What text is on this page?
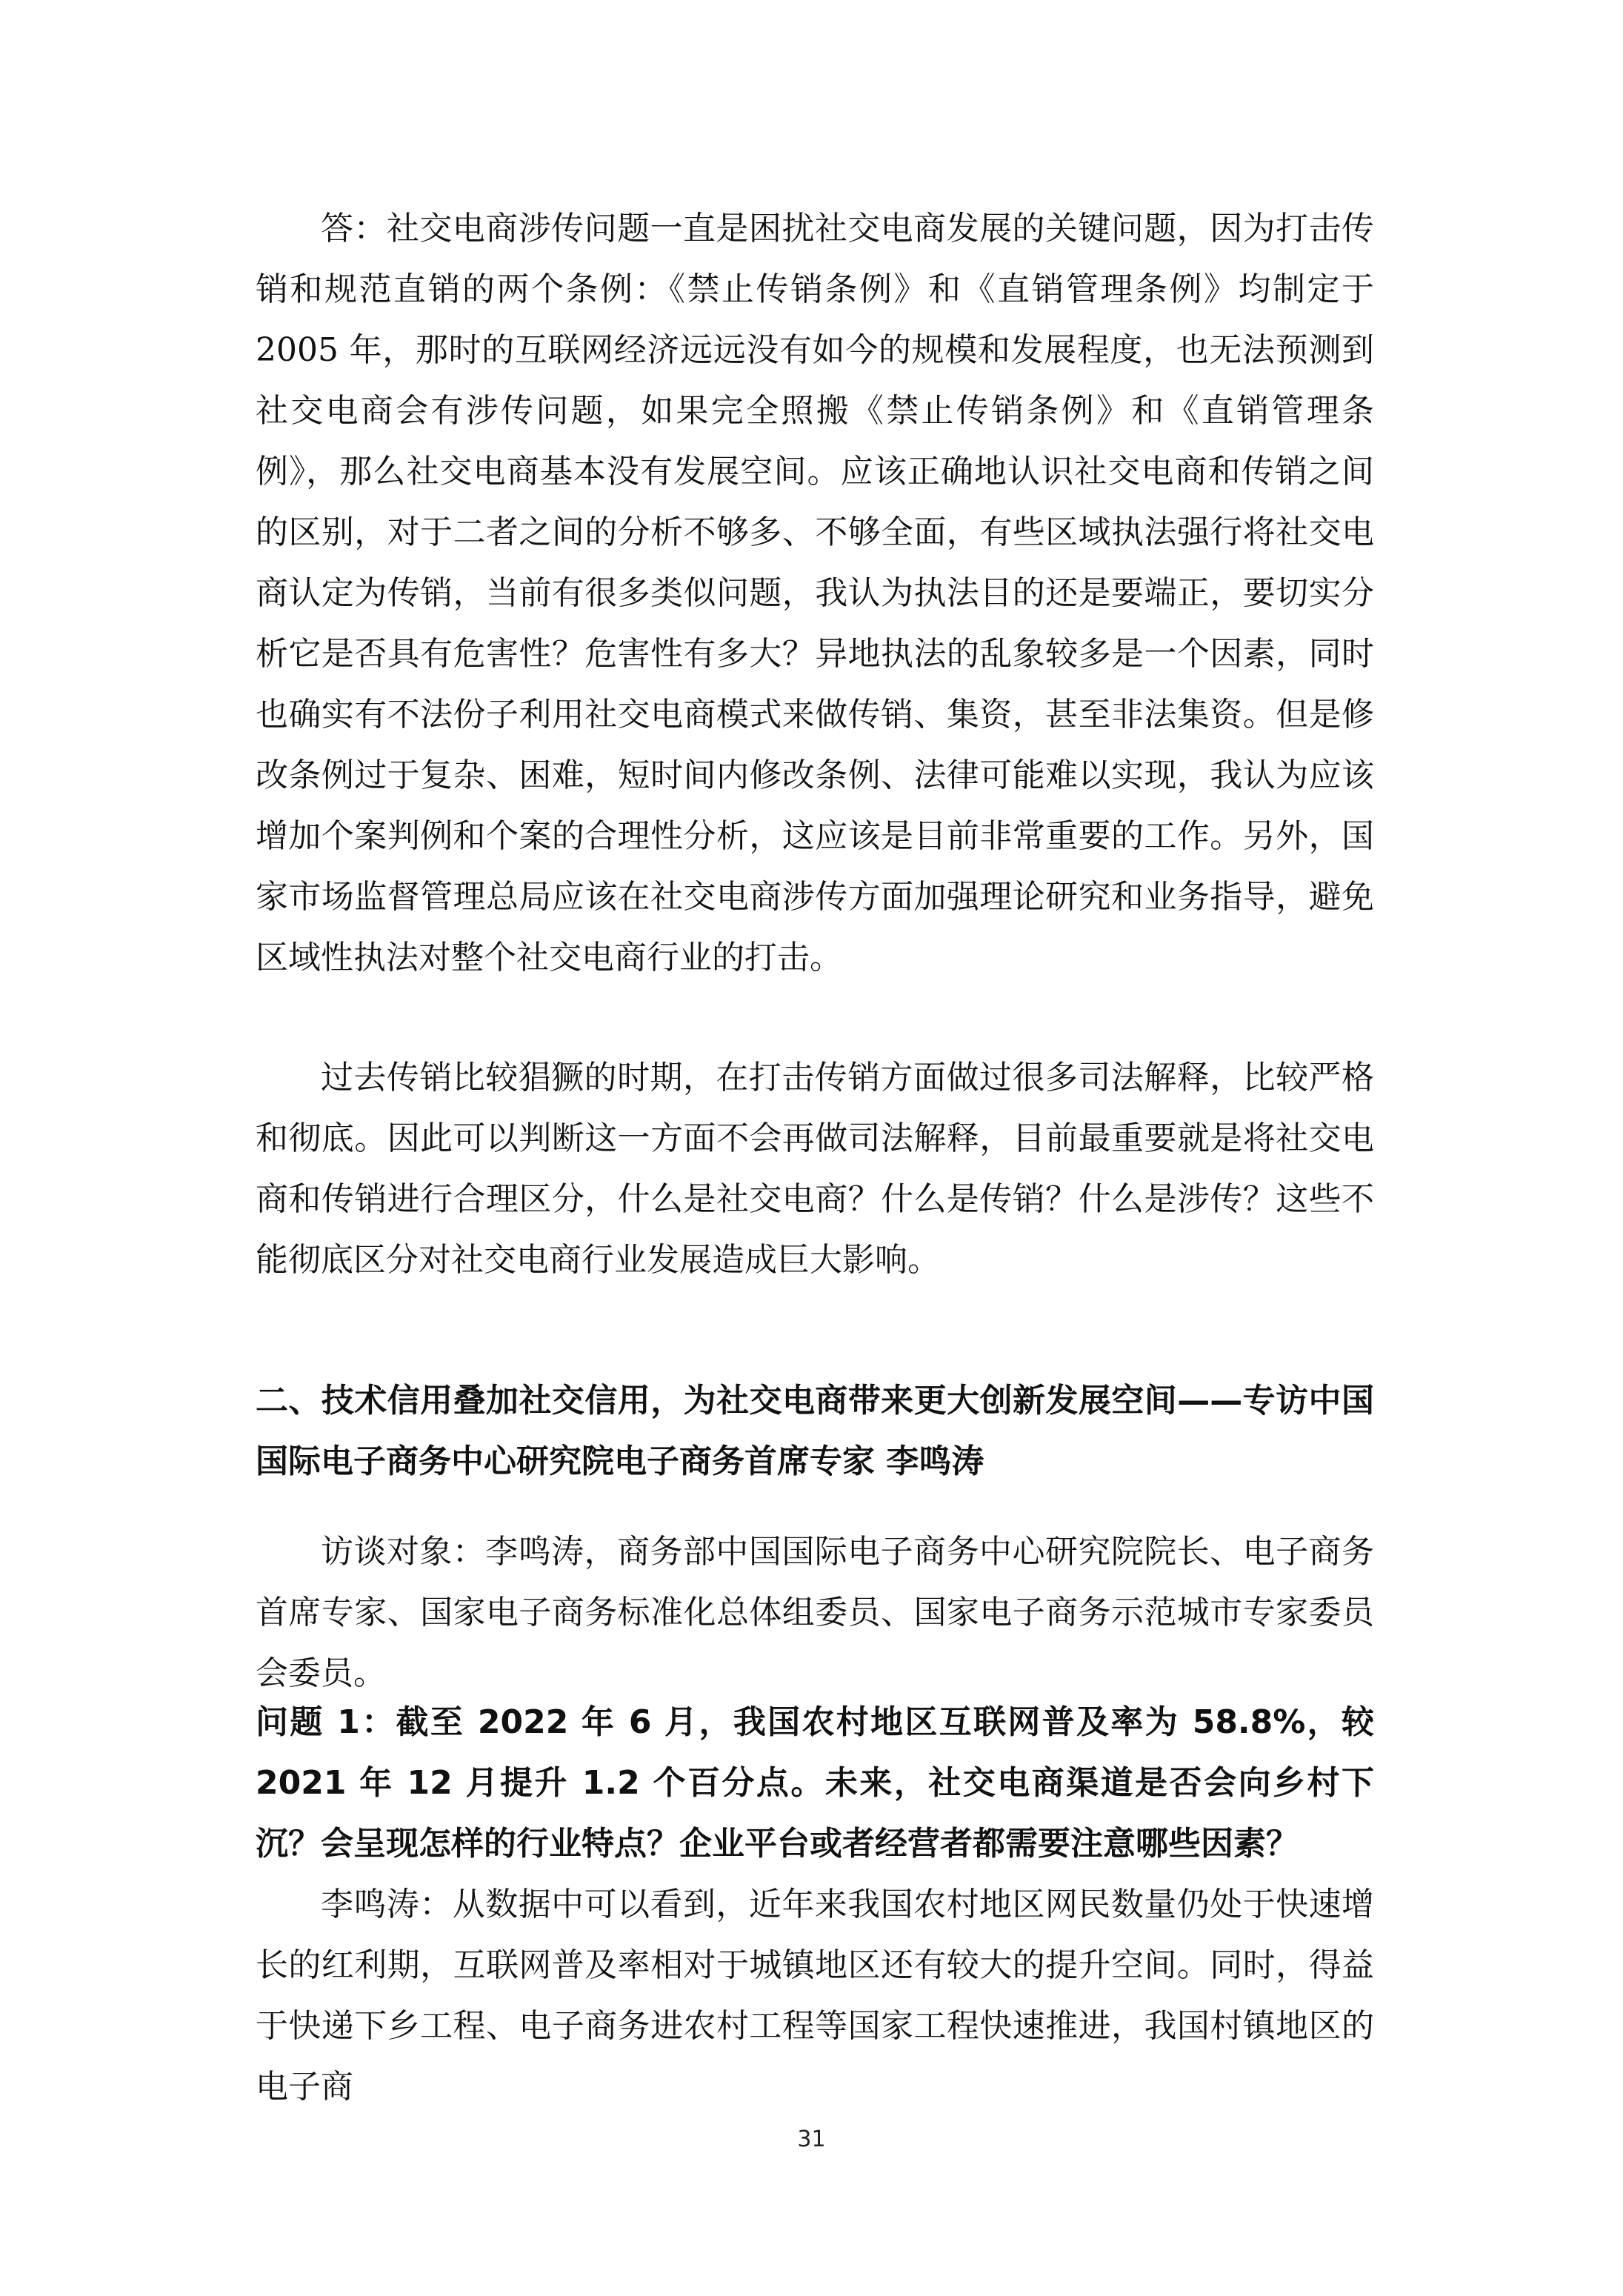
答：社交电商涉传问题一直是困扰社交电商发展的关键问题，因为打击传销和规范直销的两个条例：《禁止传销条例》和《直销管理条例》均制定于 2005 年，那时的互联网经济远远没有如今的规模和发展程度，也无法预测到社交电商会有涉传问题，如果完全照搬《禁止传销条例》和《直销管理条例》，那么社交电商基本没有发展空间。应该正确地认识社交电商和传销之间的区别，对于二者之间的分析不够多、不够全面，有些区域执法强行将社交电商认定为传销，当前有很多类似问题，我认为执法目的还是要端正，要切实分析它是否具有危害性？危害性有多大？异地执法的乱象较多是一个因素，同时也确实有不法份子利用社交电商模式来做传销、集资，甚至非法集资。但是修改条例过于复杂、困难，短时间内修改条例、法律可能难以实现，我认为应该增加个案判例和个案的合理性分析，这应该是目前非常重要的工作。另外，国家市场监督管理总局应该在社交电商涉传方面加强理论研究和业务指导，避免区域性执法对整个社交电商行业的打击。

过去传销比较猖獗的时期，在打击传销方面做过很多司法解释，比较严格和彻底。因此可以判断这一方面不会再做司法解释，目前最重要就是将社交电商和传销进行合理区分，什么是社交电商？什么是传销？什么是涉传？这些不能彻底区分对社交电商行业发展造成巨大影响。

二、技术信用叠加社交信用，为社交电商带来更大创新发展空间——专访中国国际电子商务中心研究院电子商务首席专家 李鸣涛

访谈对象：李鸣涛，商务部中国国际电子商务中心研究院院长、电子商务首席专家、国家电子商务标准化总体组委员、国家电子商务示范城市专家委员会委员。

问题 1：截至 2022 年 6 月，我国农村地区互联网普及率为 58.8%，较 2021 年 12 月提升 1.2 个百分点。未来，社交电商渠道是否会向乡村下沉？会呈现怎样的行业特点？企业平台或者经营者都需要注意哪些因素？

李鸣涛：从数据中可以看到，近年来我国农村地区网民数量仍处于快速增长的红利期，互联网普及率相对于城镇地区还有较大的提升空间。同时，得益于快递下乡工程、电子商务进农村工程等国家工程快速推进，我国村镇地区的电子商

31
